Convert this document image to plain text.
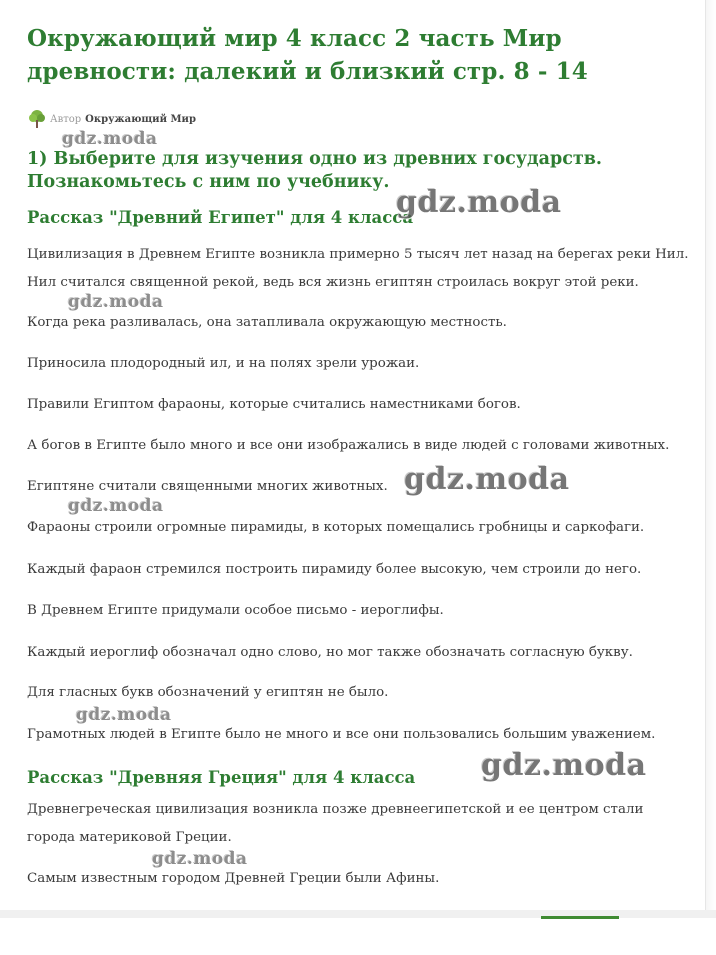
Окружающий мир 4 класс 2 часть Мир древности: далекий и близкий стр. 8 - 14
Автор Окружающий Мир
1) Выберите для изучения одно из древних государств. Познакомьтесь с ним по учебнику.
Рассказ "Древний Египет" для 4 класса

Цивилизация в Древнем Египте возникла примерно 5 тысяч лет назад на берегах реки Нил. Нил считался священной рекой, ведь вся жизнь египтян строилась вокруг этой реки.

Когда река разливалась, она затапливала окружающую местность.

Приносила плодородный ил, и на полях зрели урожаи.

Правили Египтом фараоны, которые считались наместниками богов.

А богов в Египте было много и все они изображались в виде людей с головами животных.

Египтяне считали священными многих животных.

Фараоны строили огромные пирамиды, в которых помещались гробницы и саркофаги.

Каждый фараон стремился построить пирамиду более высокую, чем строили до него.

В Древнем Египте придумали особое письмо - иероглифы.

Каждый иероглиф обозначал одно слово, но мог также обозначать согласную букву.

Для гласных букв обозначений у египтян не было.

Грамотных людей в Египте было не много и все они пользовались большим уважением.

Рассказ "Древняя Греция" для 4 класса

Древнегреческая цивилизация возникла позже древнеегипетской и ее центром стали города материковой Греции.

Самым известным городом Древней Греции были Афины.

gdz.moda
gdz.moda
gdz.moda
gdz.moda
gdz.moda
gdz.moda
gdz.moda
gdz.moda
